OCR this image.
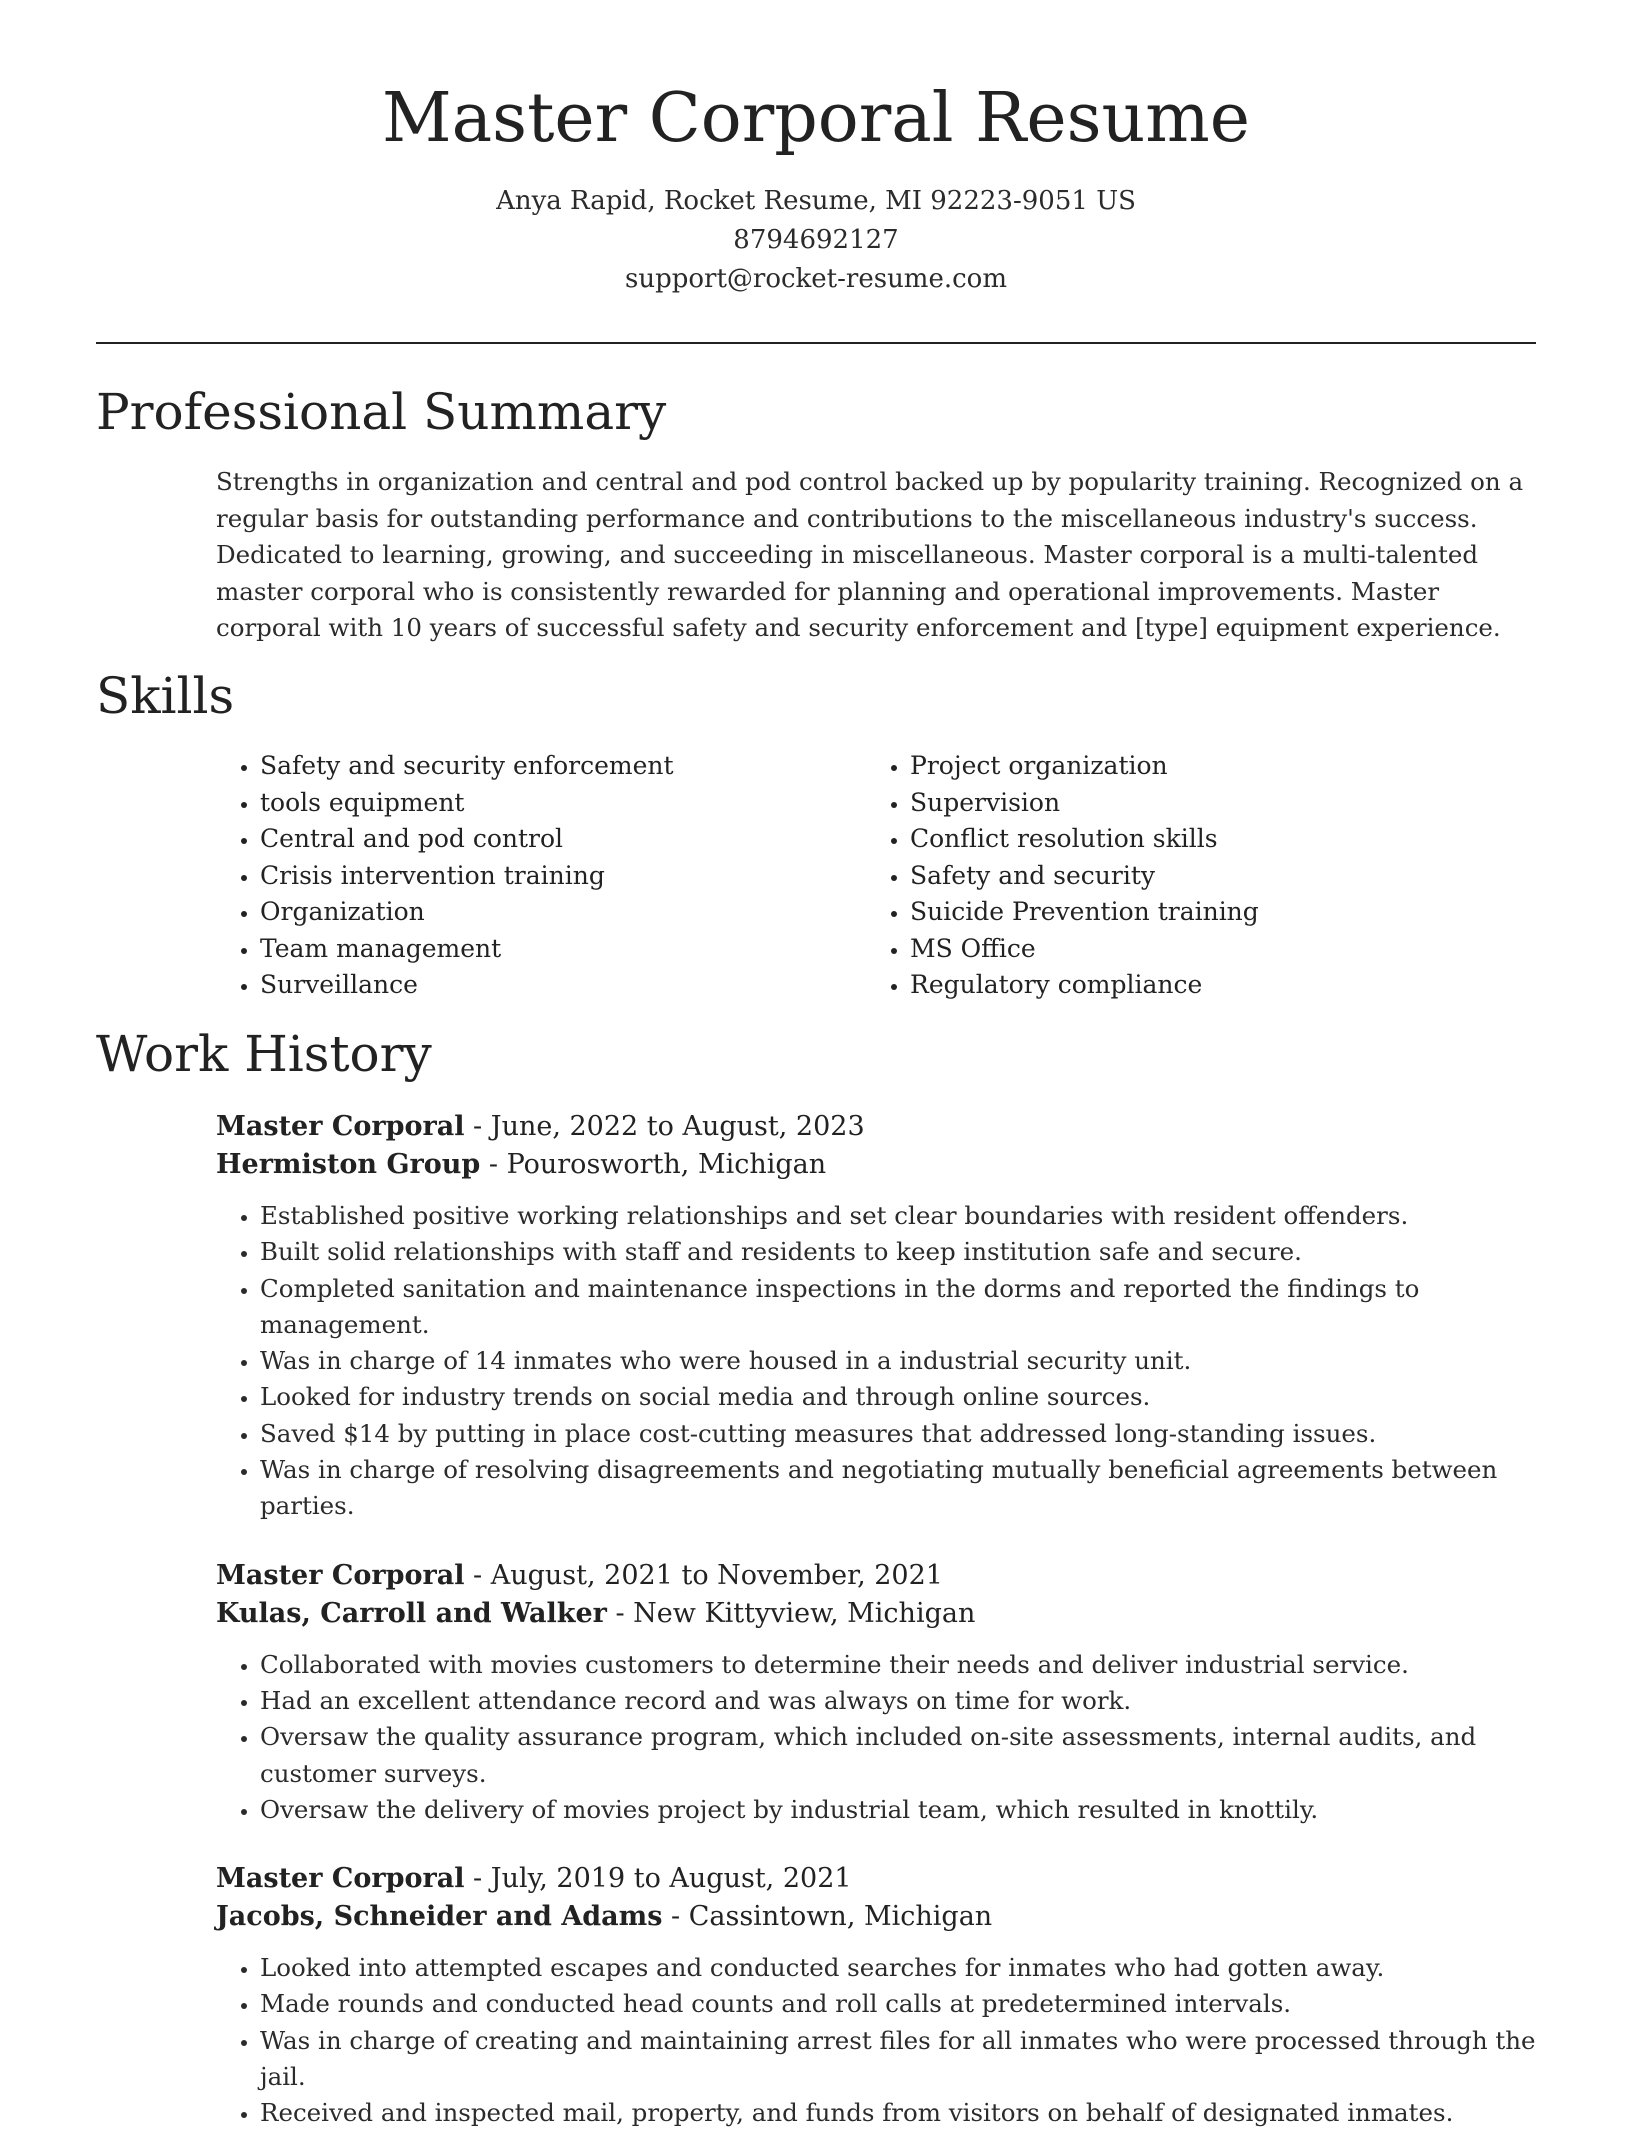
Master Corporal Resume
Anya Rapid, Rocket Resume, MI 92223-9051 US
8794692127
support@rocket-resume.com
Professional Summary

Strengths in organization and central and pod control backed up by popularity training. Recognized on a regular basis for outstanding performance and contributions to the miscellaneous industry's success. Dedicated to learning, growing, and succeeding in miscellaneous. Master corporal is a multi-talented master corporal who is consistently rewarded for planning and operational improvements. Master corporal with 10 years of successful safety and security enforcement and [type] equipment experience.

Skills
• Safety and security enforcement
• tools equipment
• Central and pod control
• Crisis intervention training
• Organization
• Team management
• Surveillance
• Project organization
• Supervision
• Conflict resolution skills
• Safety and security
• Suicide Prevention training
• MS Office
• Regulatory compliance
Work History
Master Corporal - June, 2022 to August, 2023
Hermiston Group - Pourosworth, Michigan
• Established positive working relationships and set clear boundaries with resident offenders.
• Built solid relationships with staff and residents to keep institution safe and secure.
• Completed sanitation and maintenance inspections in the dorms and reported the findings to management.
• Was in charge of 14 inmates who were housed in a industrial security unit.
• Looked for industry trends on social media and through online sources.
• Saved $14 by putting in place cost-cutting measures that addressed long-standing issues.
• Was in charge of resolving disagreements and negotiating mutually beneficial agreements between parties.
Master Corporal - August, 2021 to November, 2021
Kulas, Carroll and Walker - New Kittyview, Michigan
• Collaborated with movies customers to determine their needs and deliver industrial service.
• Had an excellent attendance record and was always on time for work.
• Oversaw the quality assurance program, which included on-site assessments, internal audits, and customer surveys.
• Oversaw the delivery of movies project by industrial team, which resulted in knottily.
Master Corporal - July, 2019 to August, 2021
Jacobs, Schneider and Adams - Cassintown, Michigan
• Looked into attempted escapes and conducted searches for inmates who had gotten away.
• Made rounds and conducted head counts and roll calls at predetermined intervals.
• Was in charge of creating and maintaining arrest files for all inmates who were processed through the jail.
• Received and inspected mail, property, and funds from visitors on behalf of designated inmates.
